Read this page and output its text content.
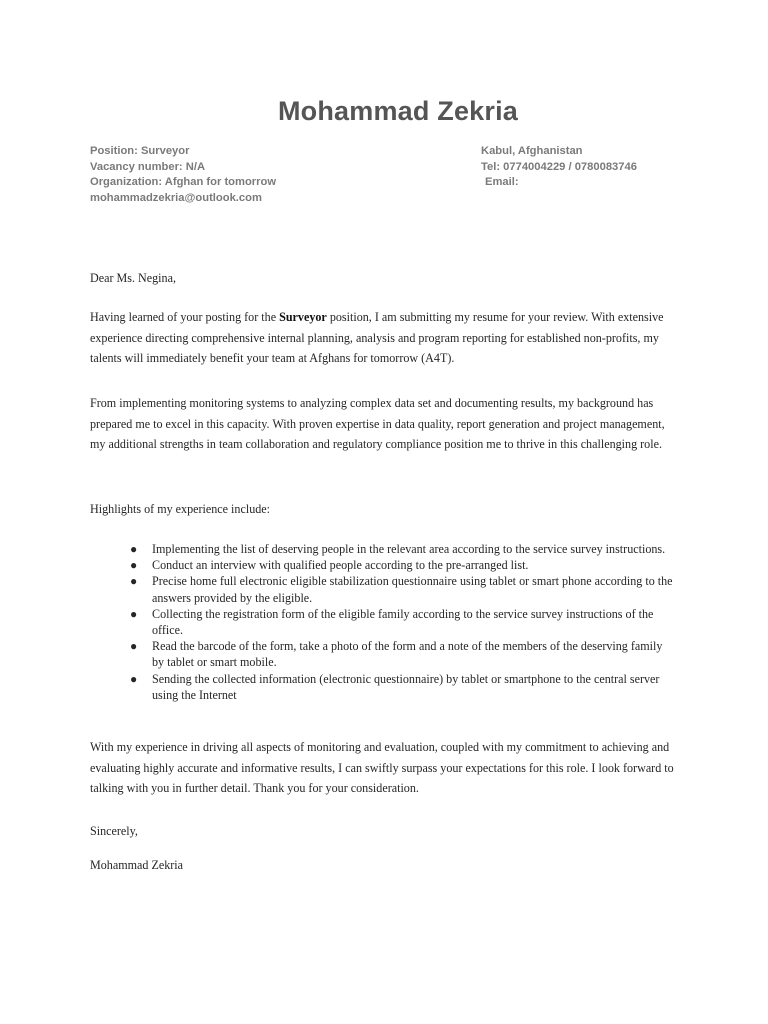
Mohammad Zekria
Position: Surveyor
Vacancy number: N/A
Organization: Afghan for tomorrow
mohammadzekria@outlook.com
Kabul, Afghanistan
Tel: 0774004229 / 0780083746
Email:
Dear Ms. Negina,
Having learned of your posting for the Surveyor position, I am submitting my resume for your review. With extensive experience directing comprehensive internal planning, analysis and program reporting for established non-profits, my talents will immediately benefit your team at Afghans for tomorrow (A4T).
From implementing monitoring systems to analyzing complex data set and documenting results, my background has prepared me to excel in this capacity. With proven expertise in data quality, report generation and project management, my additional strengths in team collaboration and regulatory compliance position me to thrive in this challenging role.
Highlights of my experience include:
● Implementing the list of deserving people in the relevant area according to the service survey instructions.
● Conduct an interview with qualified people according to the pre-arranged list.
● Precise home full electronic eligible stabilization questionnaire using tablet or smart phone according to the answers provided by the eligible.
● Collecting the registration form of the eligible family according to the service survey instructions of the office.
● Read the barcode of the form, take a photo of the form and a note of the members of the deserving family by tablet or smart mobile.
● Sending the collected information (electronic questionnaire) by tablet or smartphone to the central server using the Internet
With my experience in driving all aspects of monitoring and evaluation, coupled with my commitment to achieving and evaluating highly accurate and informative results, I can swiftly surpass your expectations for this role. I look forward to talking with you in further detail. Thank you for your consideration.
Sincerely,
Mohammad Zekria
